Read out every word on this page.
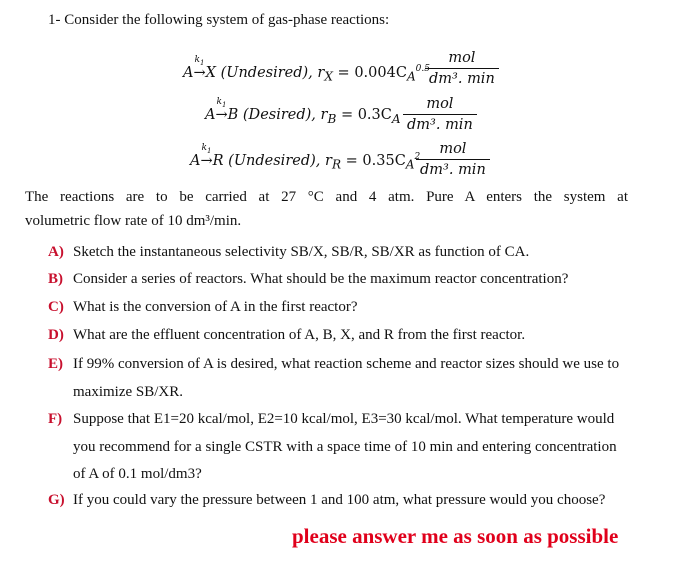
1- Consider the following system of gas-phase reactions:
A→
$k_1$
X (Undesired), $r_X = 0.004C_A^{0.5}$
mol
dm³. min
A→
$k_1$
B (Desired), $r_B = 0.3C_A$
mol
dm³. min
A→
$k_1$
R (Undesired), $r_R = 0.35C_A^2$ mol
dm³. min
The reactions are to be carried at 27 °C and 4 atm. Pure A enters the system at
volumetric flow rate of 10 dm³/min.
A) Sketch the instantaneous selectivity SB/X, SB/R, SB/XR as function of CA.
B) Consider a series of reactors. What should be the maximum reactor concentration?
C) What is the conversion of A in the first reactor?
D) What are the effluent concentration of A, B, X, and R from the first reactor.
E) If 99% conversion of A is desired, what reaction scheme and reactor sizes should we use to maximize SB/XR.
F) Suppose that E1=20 kcal/mol, E2=10 kcal/mol, E3=30 kcal/mol. What temperature would you recommend for a single CSTR with a space time of 10 min and entering concentration of A of 0.1 mol/dm3?
G) If you could vary the pressure between 1 and 100 atm, what pressure would you choose?
please answer me as soon as possible
